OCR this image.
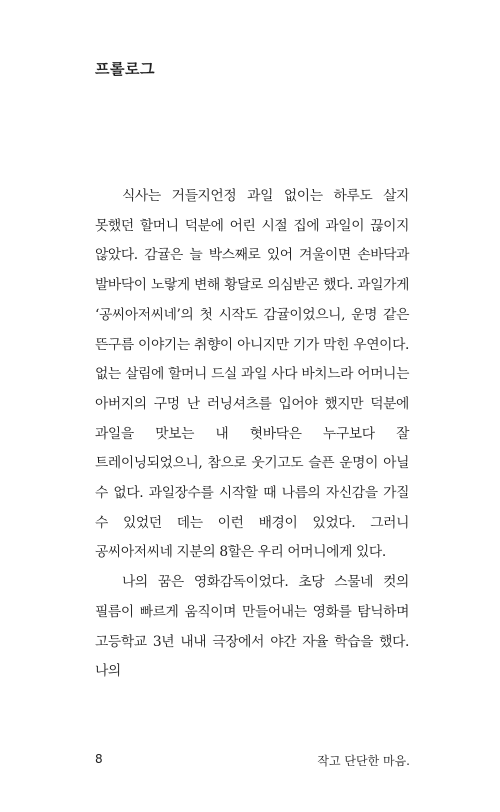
프롤로그

식사는 거들지언정 과일 없이는 하루도 살지 못했던 할머니 덕분에 어린 시절 집에 과일이 끊이지 않았다. 감귤은 늘 박스째로 있어 겨울이면 손바닥과 발바닥이 노랗게 변해 황달로 의심받곤 했다. 과일가게 ‘공씨아저씨네’의 첫 시작도 감귤이었으니, 운명 같은 뜬구름 이야기는 취향이 아니지만 기가 막힌 우연이다. 없는 살림에 할머니 드실 과일 사다 바치느라 어머니는 아버지의 구멍 난 러닝셔츠를 입어야 했지만 덕분에 과일을 맛보는 내 혓바닥은 누구보다 잘 트레이닝되었으니, 참으로 웃기고도 슬픈 운명이 아닐 수 없다. 과일장수를 시작할 때 나름의 자신감을 가질 수 있었던 데는 이런 배경이 있었다. 그러니 공씨아저씨네 지분의 8할은 우리 어머니에게 있다.

나의 꿈은 영화감독이었다. 초당 스물네 컷의 필름이 빠르게 움직이며 만들어내는 영화를 탐닉하며 고등학교 3년 내내 극장에서 야간 자율 학습을 했다. 나의

8	작고 단단한 마음.
